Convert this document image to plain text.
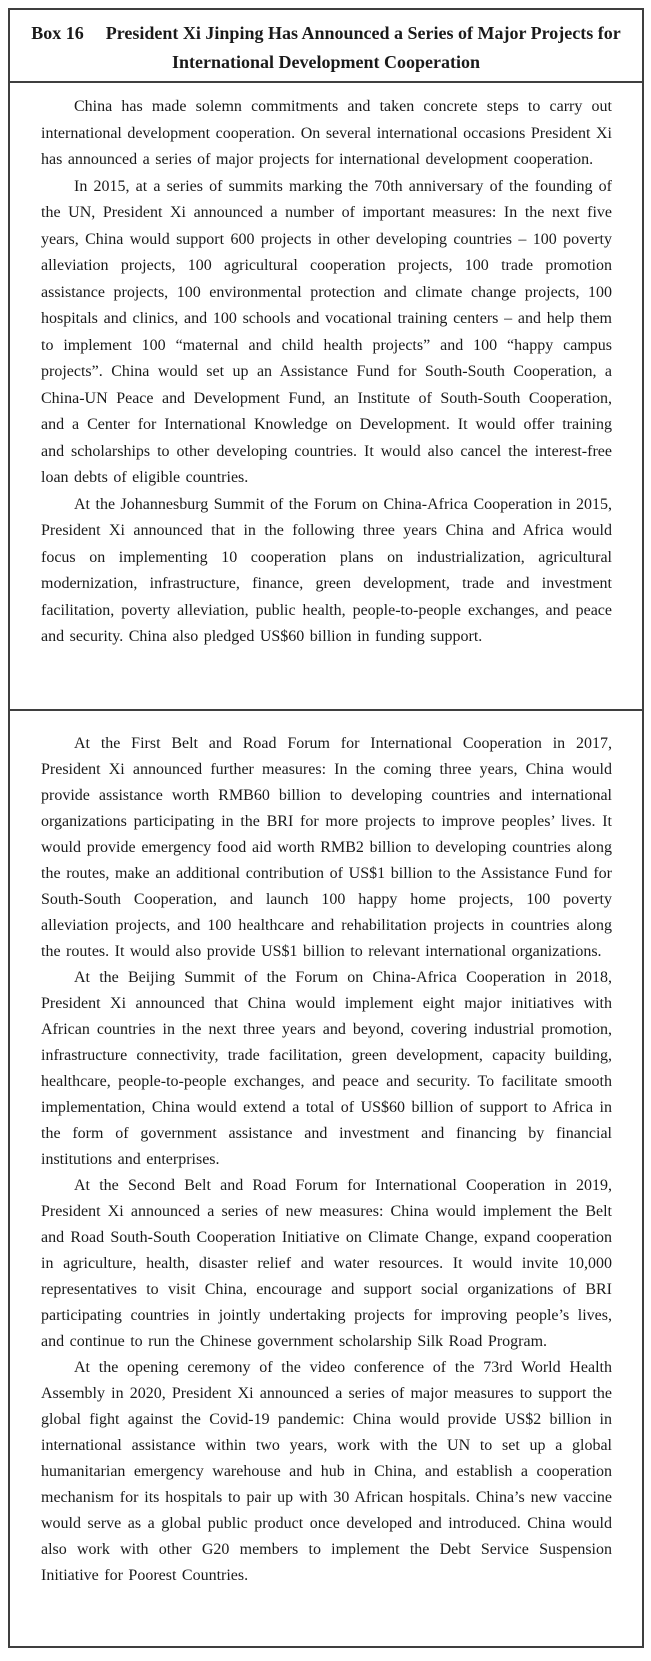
Box 16 President Xi Jinping Has Announced a Series of Major Projects for
International Development Cooperation

China has made solemn commitments and taken concrete steps to carry out international development cooperation. On several international occasions President Xi has announced a series of major projects for international development cooperation.

In 2015, at a series of summits marking the 70th anniversary of the founding of the UN, President Xi announced a number of important measures: In the next five years, China would support 600 projects in other developing countries – 100 poverty alleviation projects, 100 agricultural cooperation projects, 100 trade promotion assistance projects, 100 environmental protection and climate change projects, 100 hospitals and clinics, and 100 schools and vocational training centers – and help them to implement 100 “maternal and child health projects” and 100 “happy campus projects”. China would set up an Assistance Fund for South-South Cooperation, a China-UN Peace and Development Fund, an Institute of South-South Cooperation, and a Center for International Knowledge on Development. It would offer training and scholarships to other developing countries. It would also cancel the interest-free loan debts of eligible countries.

At the Johannesburg Summit of the Forum on China-Africa Cooperation in 2015, President Xi announced that in the following three years China and Africa would focus on implementing 10 cooperation plans on industrialization, agricultural modernization, infrastructure, finance, green development, trade and investment facilitation, poverty alleviation, public health, people-to-people exchanges, and peace and security. China also pledged US$60 billion in funding support.

At the First Belt and Road Forum for International Cooperation in 2017, President Xi announced further measures: In the coming three years, China would provide assistance worth RMB60 billion to developing countries and international organizations participating in the BRI for more projects to improve peoples’ lives. It would provide emergency food aid worth RMB2 billion to developing countries along the routes, make an additional contribution of US$1 billion to the Assistance Fund for South-South Cooperation, and launch 100 happy home projects, 100 poverty alleviation projects, and 100 healthcare and rehabilitation projects in countries along the routes. It would also provide US$1 billion to relevant international organizations.

At the Beijing Summit of the Forum on China-Africa Cooperation in 2018, President Xi announced that China would implement eight major initiatives with African countries in the next three years and beyond, covering industrial promotion, infrastructure connectivity, trade facilitation, green development, capacity building, healthcare, people-to-people exchanges, and peace and security. To facilitate smooth implementation, China would extend a total of US$60 billion of support to Africa in the form of government assistance and investment and financing by financial institutions and enterprises.

At the Second Belt and Road Forum for International Cooperation in 2019, President Xi announced a series of new measures: China would implement the Belt and Road South-South Cooperation Initiative on Climate Change, expand cooperation in agriculture, health, disaster relief and water resources. It would invite 10,000 representatives to visit China, encourage and support social organizations of BRI participating countries in jointly undertaking projects for improving people’s lives, and continue to run the Chinese government scholarship Silk Road Program.

At the opening ceremony of the video conference of the 73rd World Health Assembly in 2020, President Xi announced a series of major measures to support the global fight against the Covid-19 pandemic: China would provide US$2 billion in international assistance within two years, work with the UN to set up a global humanitarian emergency warehouse and hub in China, and establish a cooperation mechanism for its hospitals to pair up with 30 African hospitals. China’s new vaccine would serve as a global public product once developed and introduced. China would also work with other G20 members to implement the Debt Service Suspension Initiative for Poorest Countries.
